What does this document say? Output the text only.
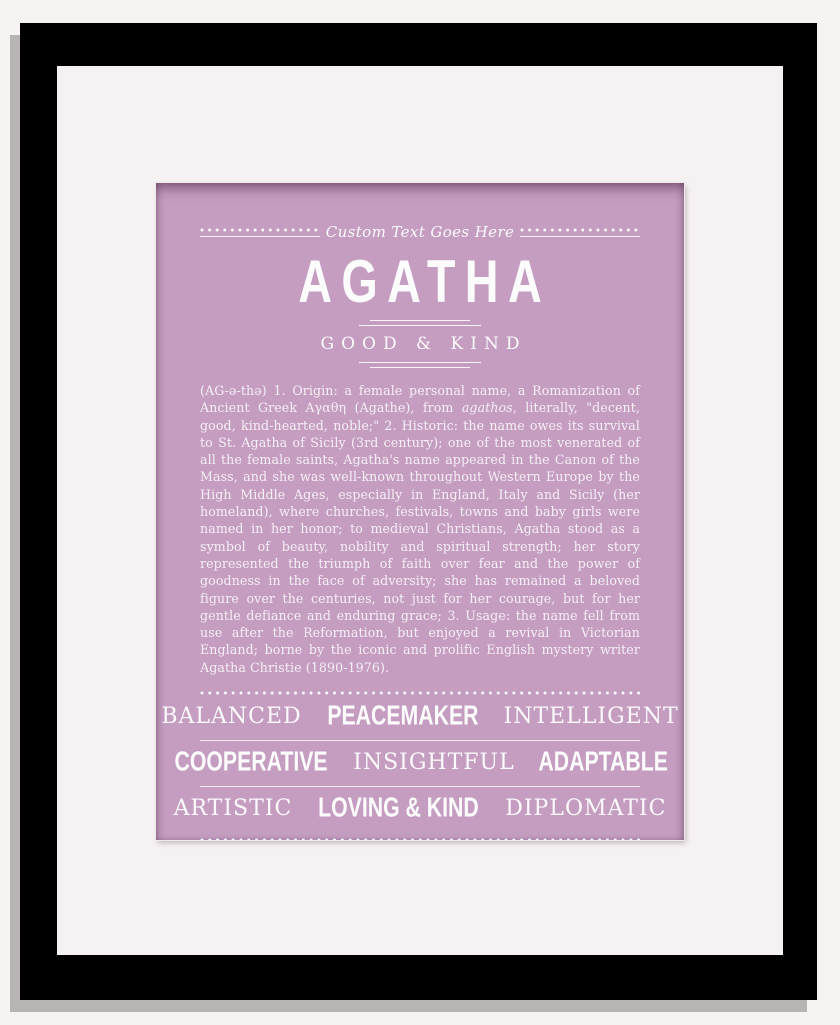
Custom Text Goes Here
AGATHA
GOOD & KIND

(AG-ə-thə) 1. Origin: a female personal name, a Romanization of Ancient Greek Αγαθη (Agathe), from agathos, literally, "decent, good, kind-hearted, noble;" 2. Historic: the name owes its survival to St. Agatha of Sicily (3rd century); one of the most venerated of all the female saints, Agatha's name appeared in the Canon of the Mass, and she was well-known throughout Western Europe by the High Middle Ages, especially in England, Italy and Sicily (her homeland), where churches, festivals, towns and baby girls were named in her honor; to medieval Christians, Agatha stood as a symbol of beauty, nobility and spiritual strength; her story represented the triumph of faith over fear and the power of goodness in the face of adversity; she has remained a beloved figure over the centuries, not just for her courage, but for her gentle defiance and enduring grace; 3. Usage: the name fell from use after the Reformation, but enjoyed a revival in Victorian England; borne by the iconic and prolific English mystery writer Agatha Christie (1890-1976).

BALANCED PEACEMAKER INTELLIGENT
COOPERATIVE INSIGHTFUL ADAPTABLE
ARTISTIC LOVING & KIND DIPLOMATIC
